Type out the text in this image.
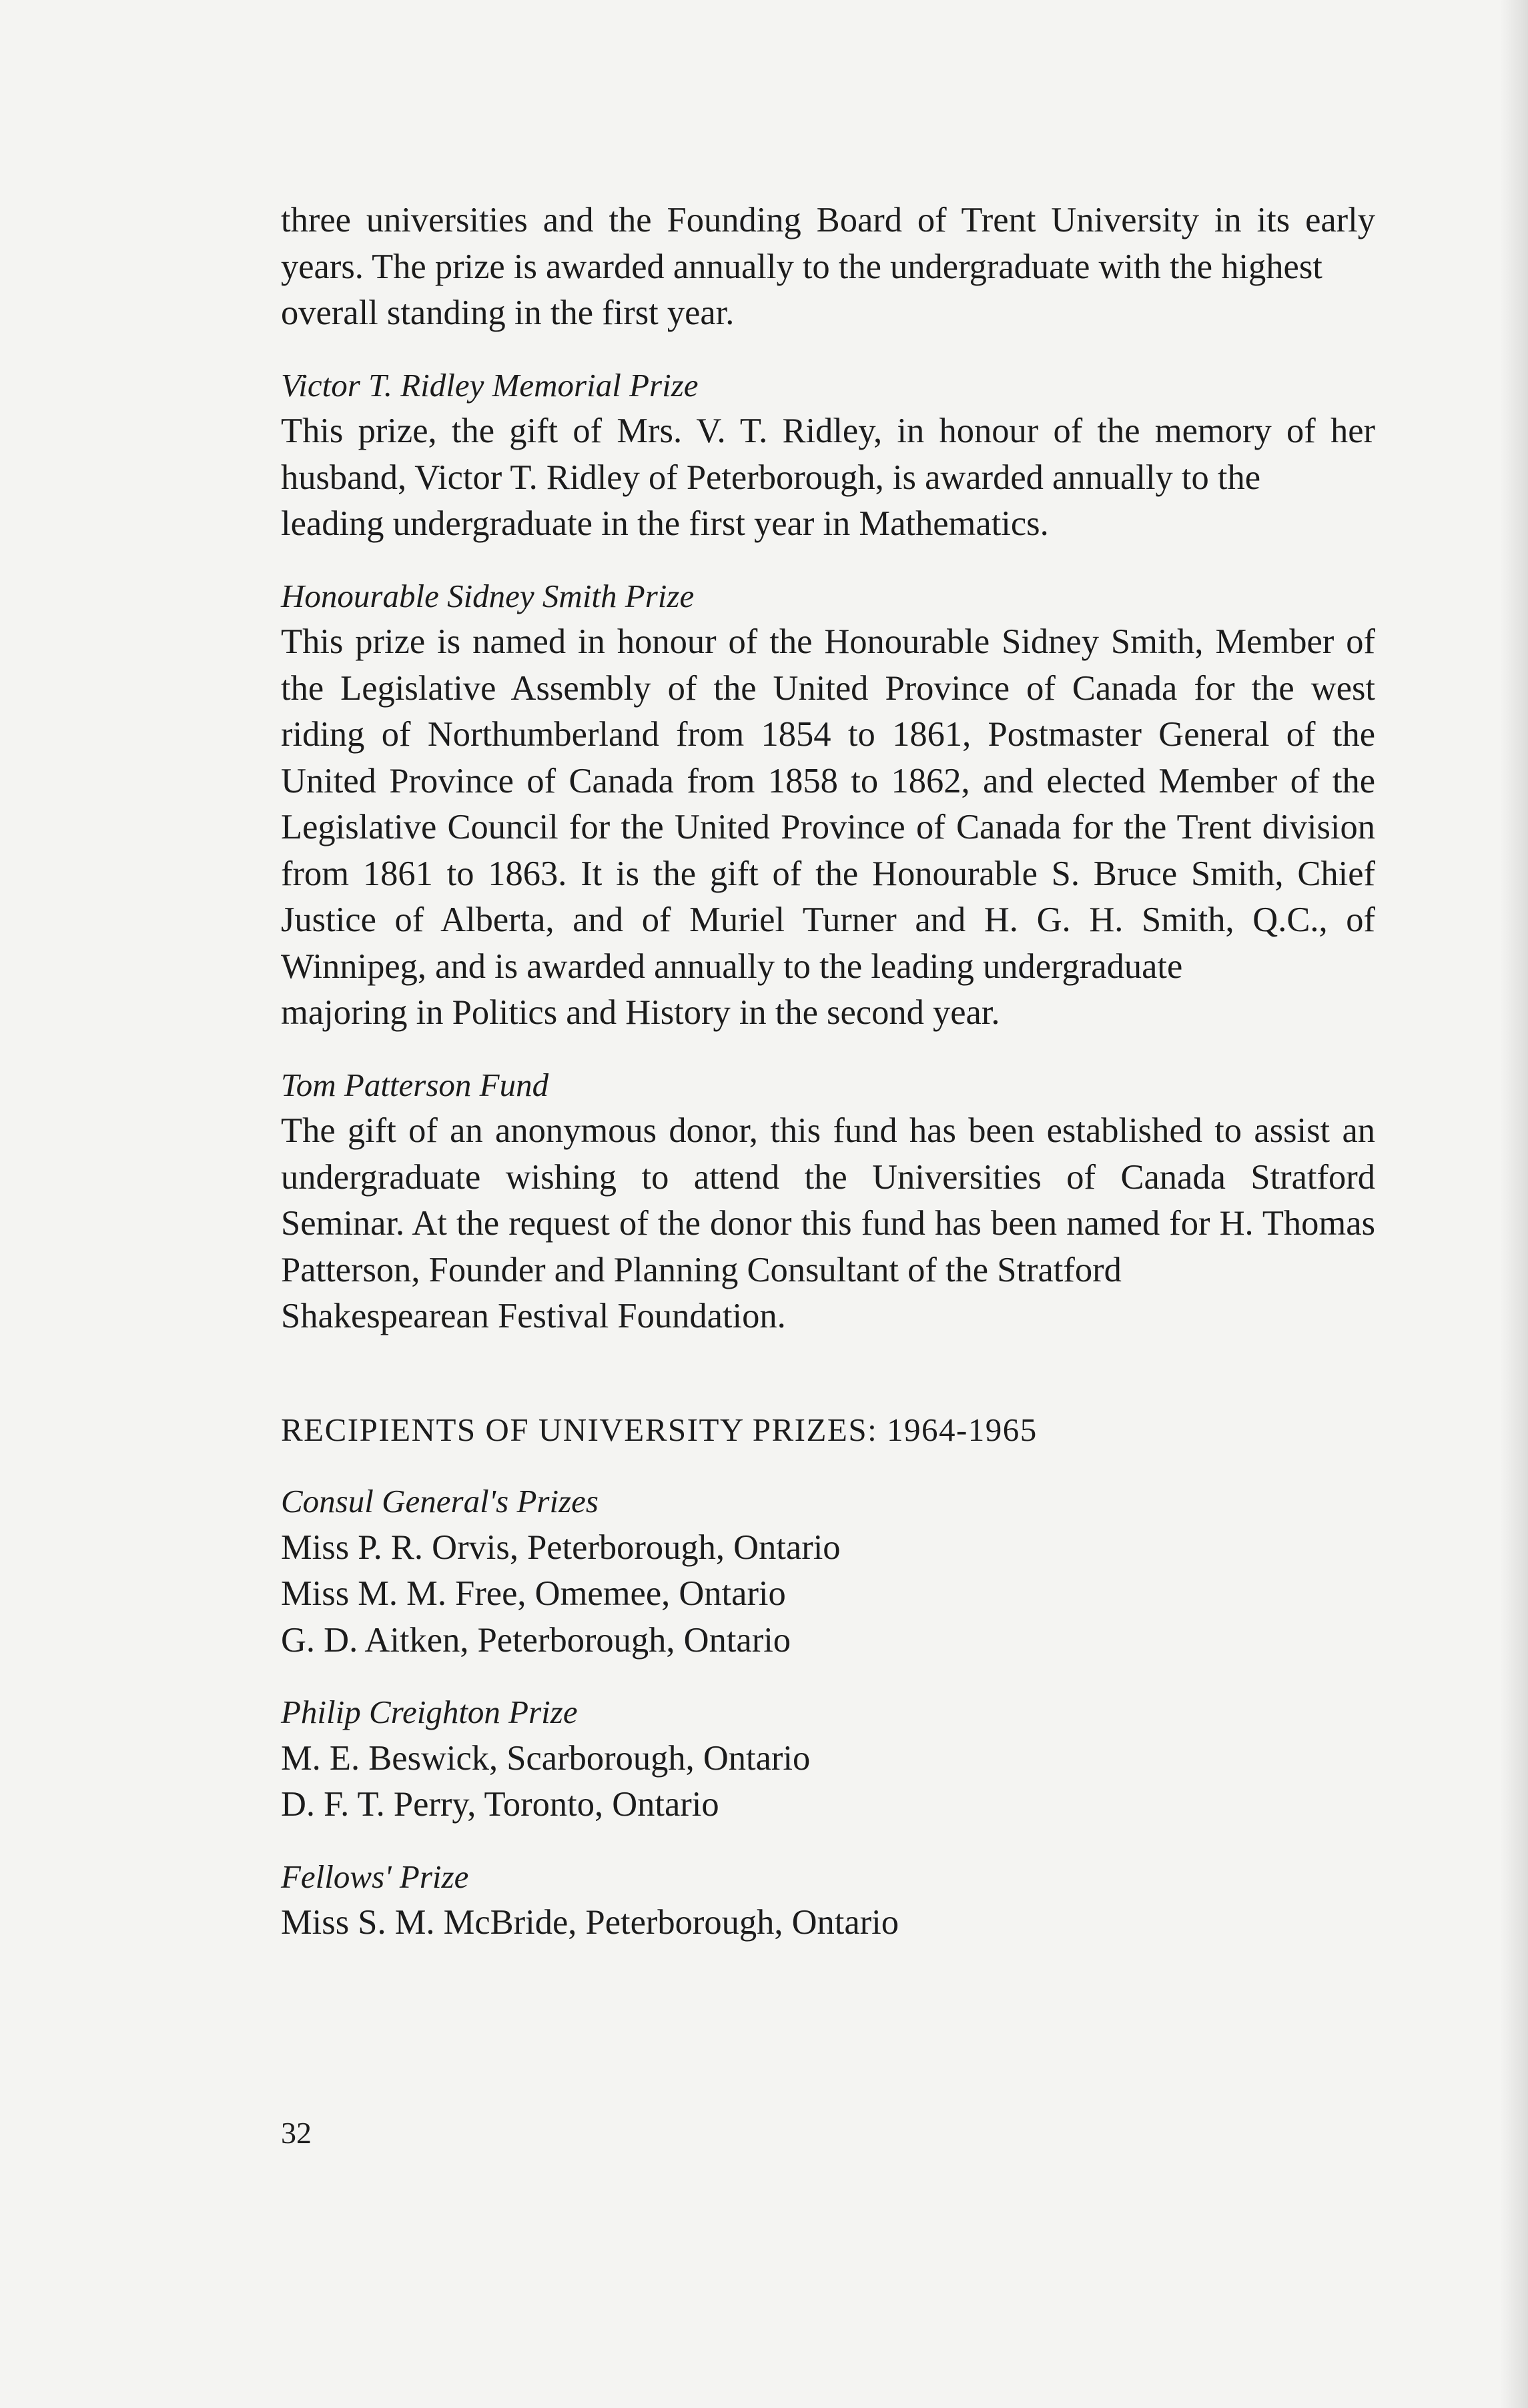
three universities and the Founding Board of Trent University in its early years. The prize is awarded annually to the undergraduate with the highest
overall standing in the first year.

Victor T. Ridley Memorial Prize

This prize, the gift of Mrs. V. T. Ridley, in honour of the memory of her husband, Victor T. Ridley of Peterborough, is awarded annually to the
leading undergraduate in the first year in Mathematics.

Honourable Sidney Smith Prize

This prize is named in honour of the Honourable Sidney Smith, Member of the Legislative Assembly of the United Province of Canada for the west riding of Northumberland from 1854 to 1861, Postmaster General of the United Province of Canada from 1858 to 1862, and elected Member of the Legislative Council for the United Province of Canada for the Trent division from 1861 to 1863. It is the gift of the Honourable S. Bruce Smith, Chief Justice of Alberta, and of Muriel Turner and H. G. H. Smith, Q.C., of Winnipeg, and is awarded annually to the leading undergraduate
majoring in Politics and History in the second year.

Tom Patterson Fund

The gift of an anonymous donor, this fund has been established to assist an undergraduate wishing to attend the Universities of Canada Stratford Seminar. At the request of the donor this fund has been named for H. Thomas Patterson, Founder and Planning Consultant of the Stratford
Shakespearean Festival Foundation.

RECIPIENTS OF UNIVERSITY PRIZES: 1964-1965

Consul General's Prizes

Miss P. R. Orvis, Peterborough, Ontario

Miss M. M. Free, Omemee, Ontario

G. D. Aitken, Peterborough, Ontario

Philip Creighton Prize

M. E. Beswick, Scarborough, Ontario

D. F. T. Perry, Toronto, Ontario

Fellows' Prize

Miss S. M. McBride, Peterborough, Ontario

32
